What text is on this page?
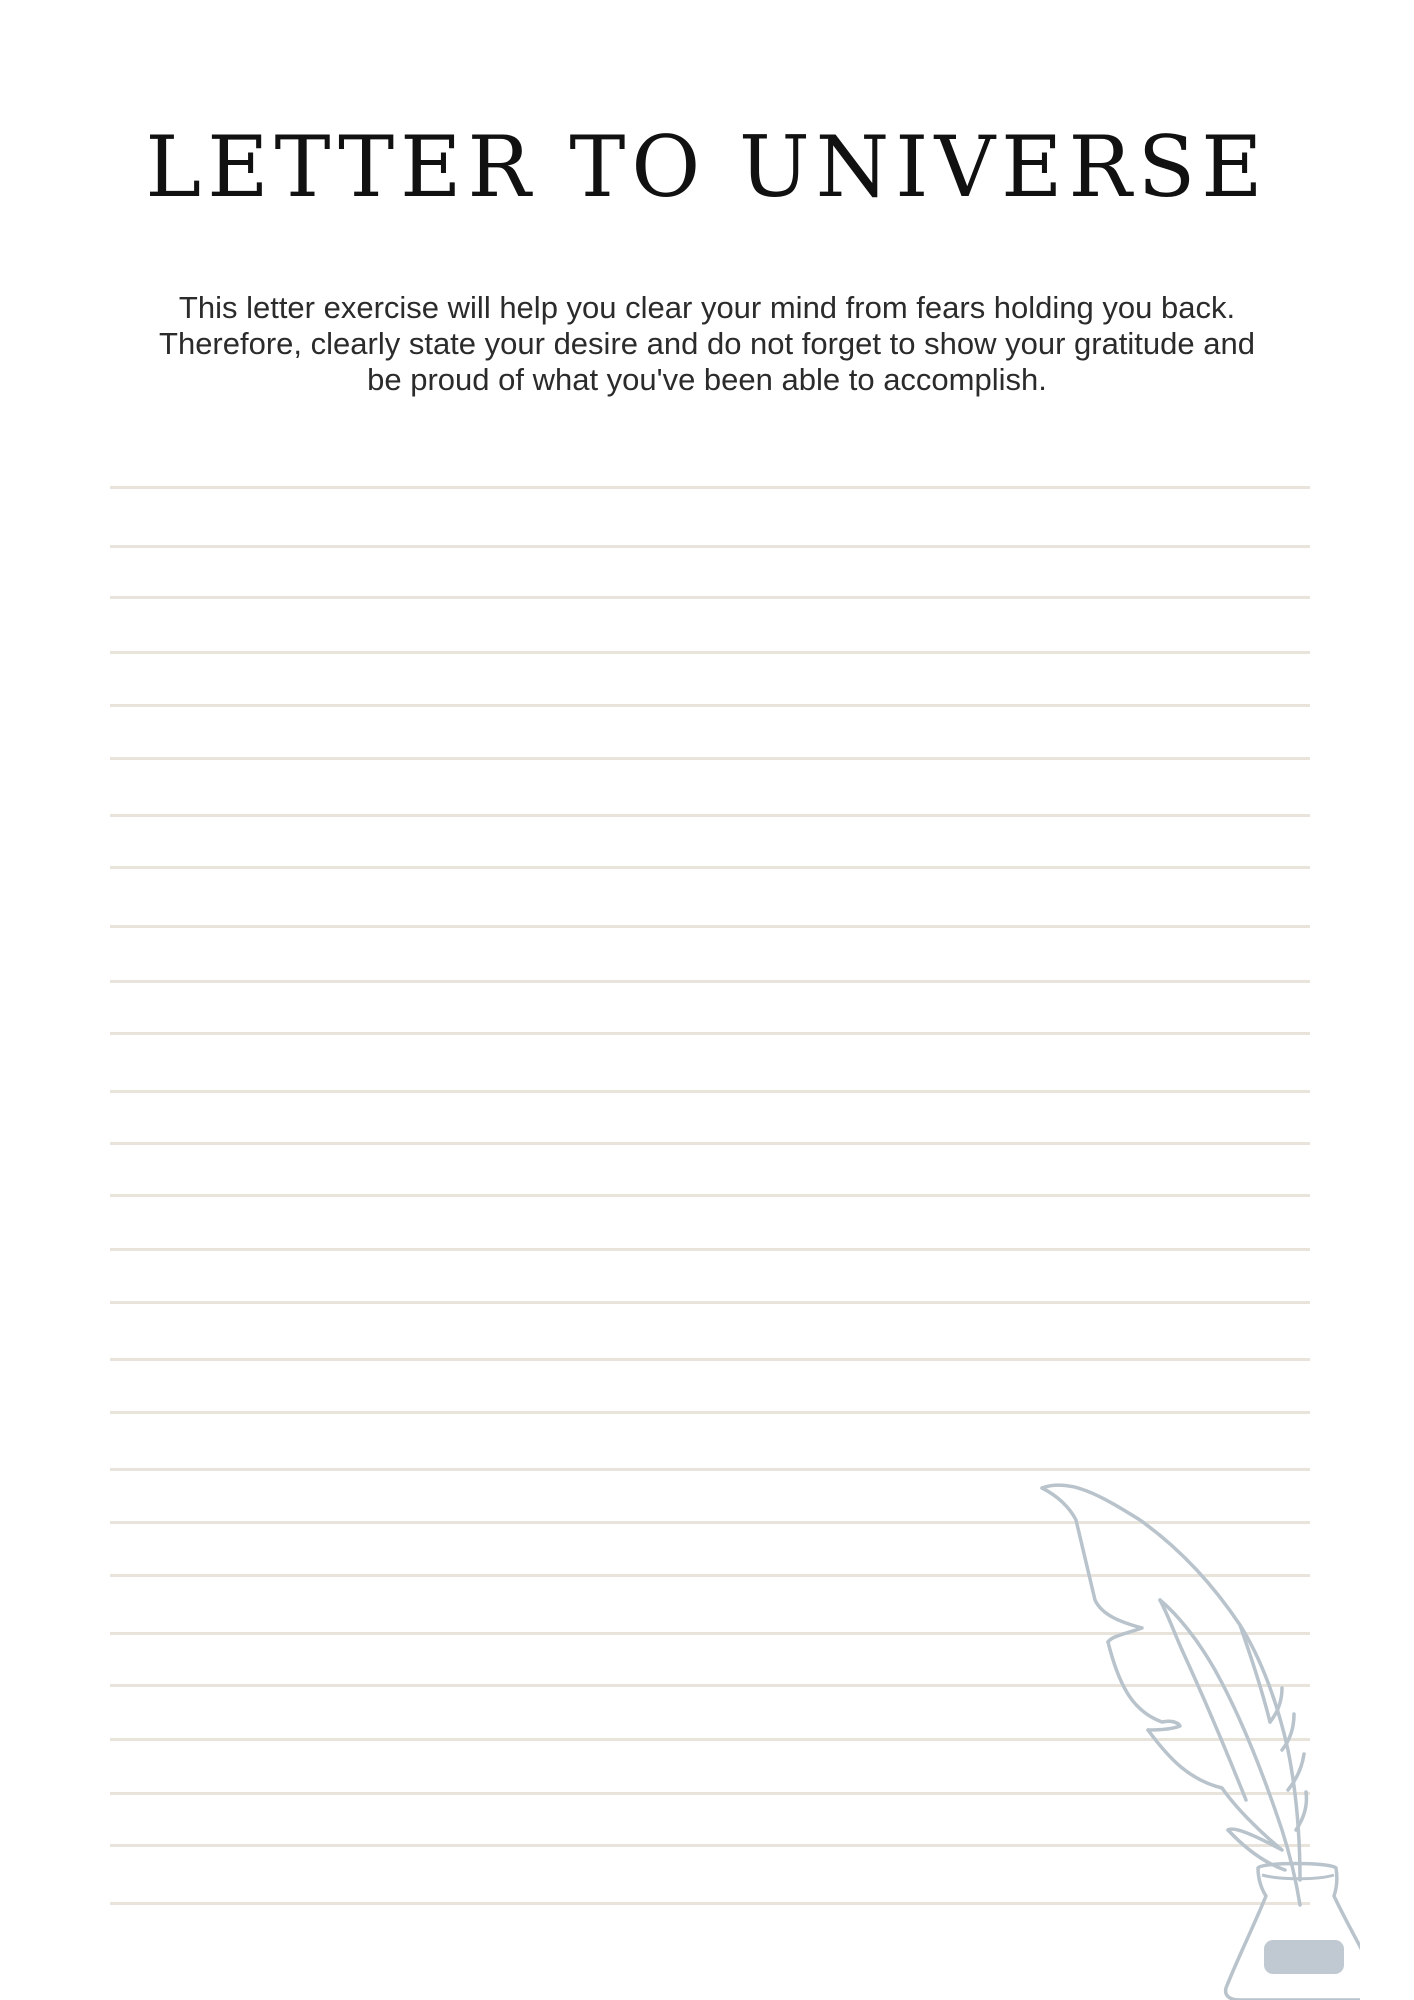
LETTER TO UNIVERSE
This letter exercise will help you clear your mind from fears holding you back.
Therefore, clearly state your desire and do not forget to show your gratitude and
be proud of what you've been able to accomplish.
